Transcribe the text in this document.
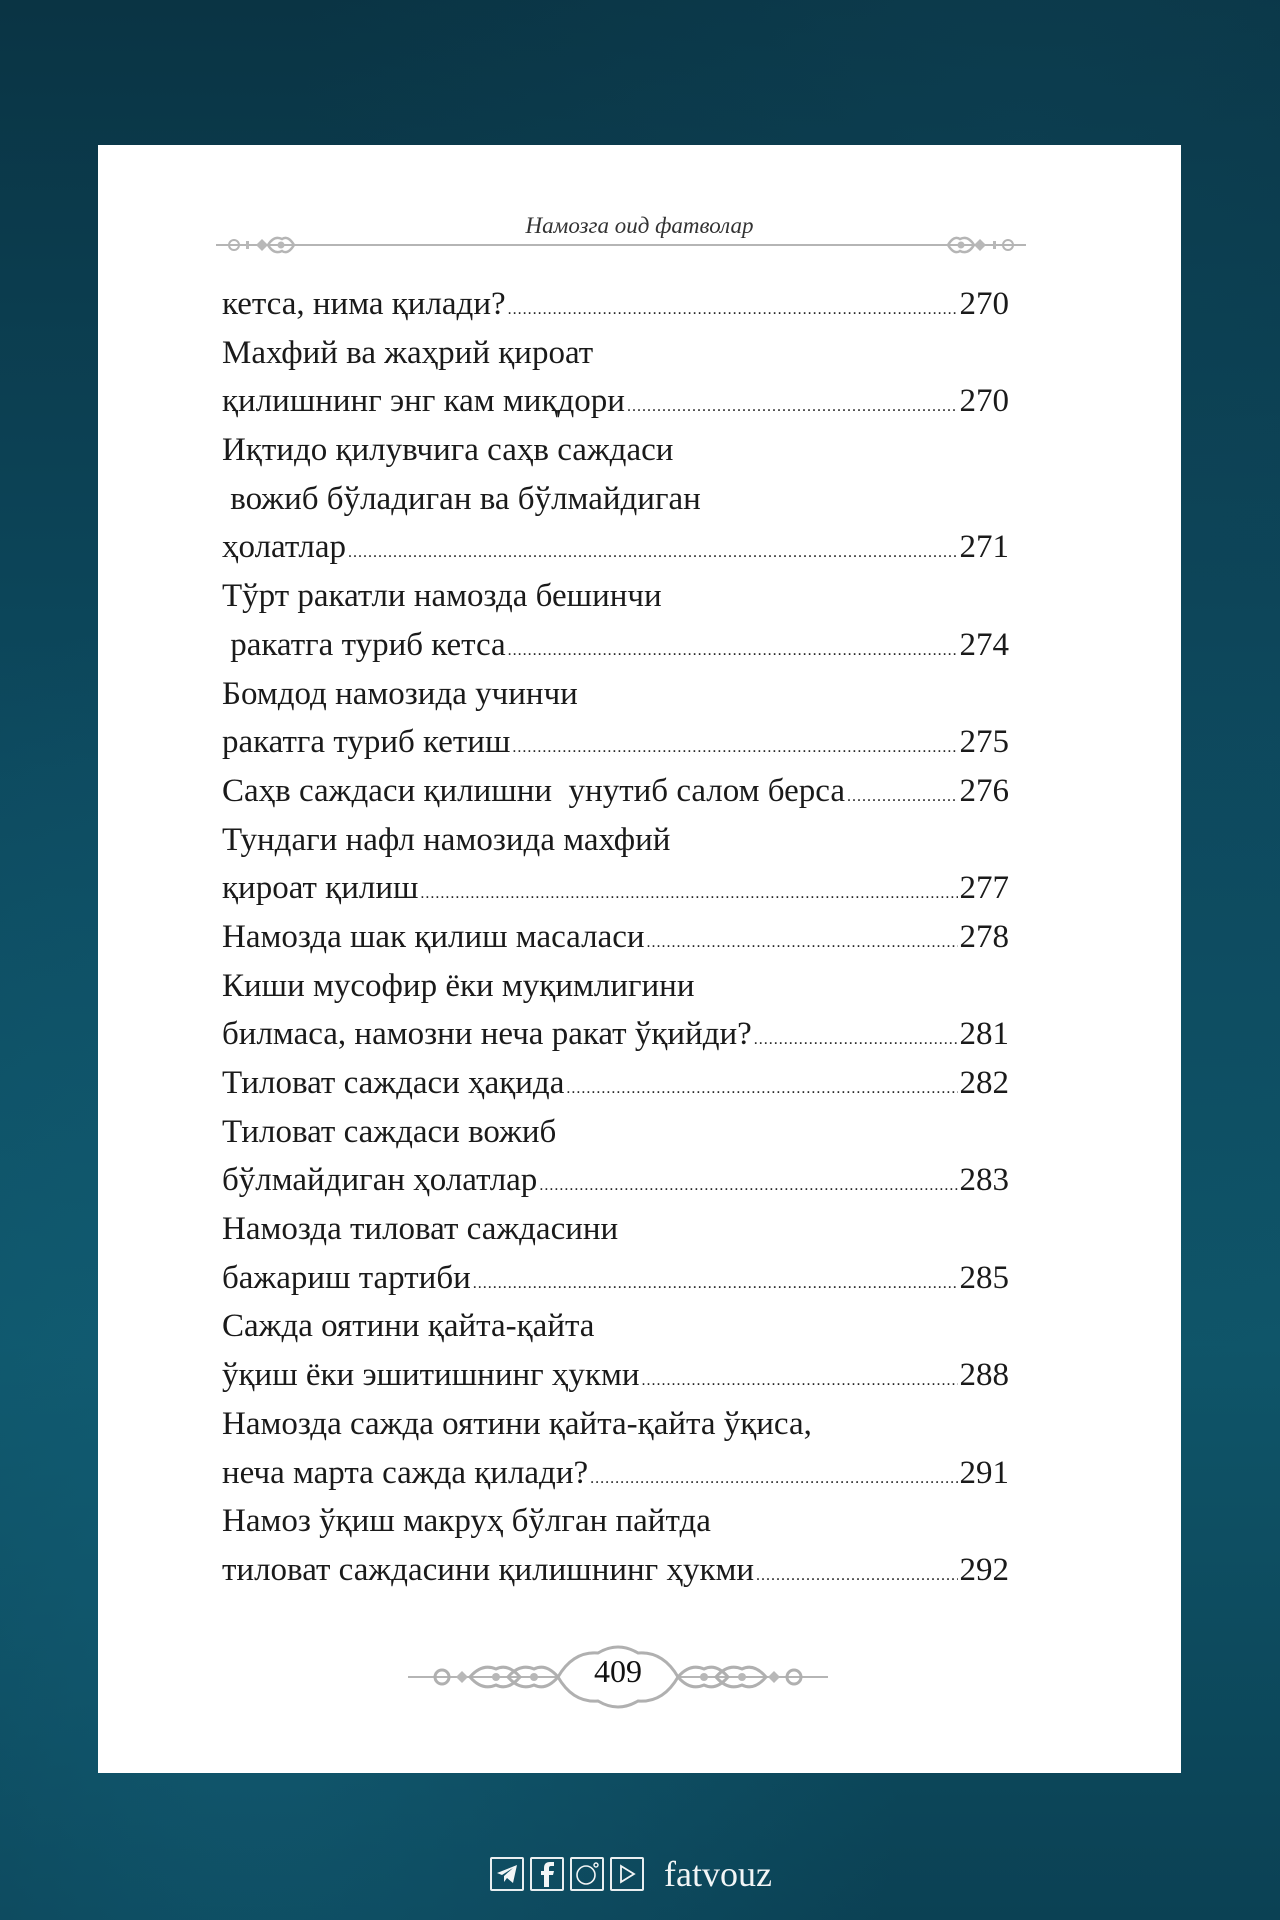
Намозга оид фатволар
кетса, нима қилади? .....	270
Махфий ва жаҳрий қироат
қилишнинг энг кам миқдори .....	270
Иқтидо қилувчига саҳв саждаси
вожиб бўладиган ва бўлмайдиган
ҳолатлар .....	271
Тўрт ракатли намозда бешинчи
ракатга туриб кетса .....	274
Бомдод намозида учинчи
ракатга туриб кетиш .....	275
Саҳв саждаси қилишни  унутиб салом берса .....	276
Тундаги нафл намозида махфий
қироат қилиш .....	277
Намозда шак қилиш масаласи .....	278
Киши мусофир ёки муқимлигини
билмаса, намозни неча ракат ўқийди? .....	281
Тиловат саждаси ҳақида .....	282
Тиловат саждаси вожиб
бўлмайдиган ҳолатлар .....	283
Намозда тиловат саждасини
бажариш тартиби .....	285
Сажда оятини қайта-қайта
ўқиш ёки эшитишнинг ҳукми .....	288
Намозда сажда оятини қайта-қайта ўқиса,
неча марта сажда қилади? .....	291
Намоз ўқиш макруҳ бўлган пайтда
тиловат саждасини қилишнинг ҳукми .....	292
409
fatvouz
